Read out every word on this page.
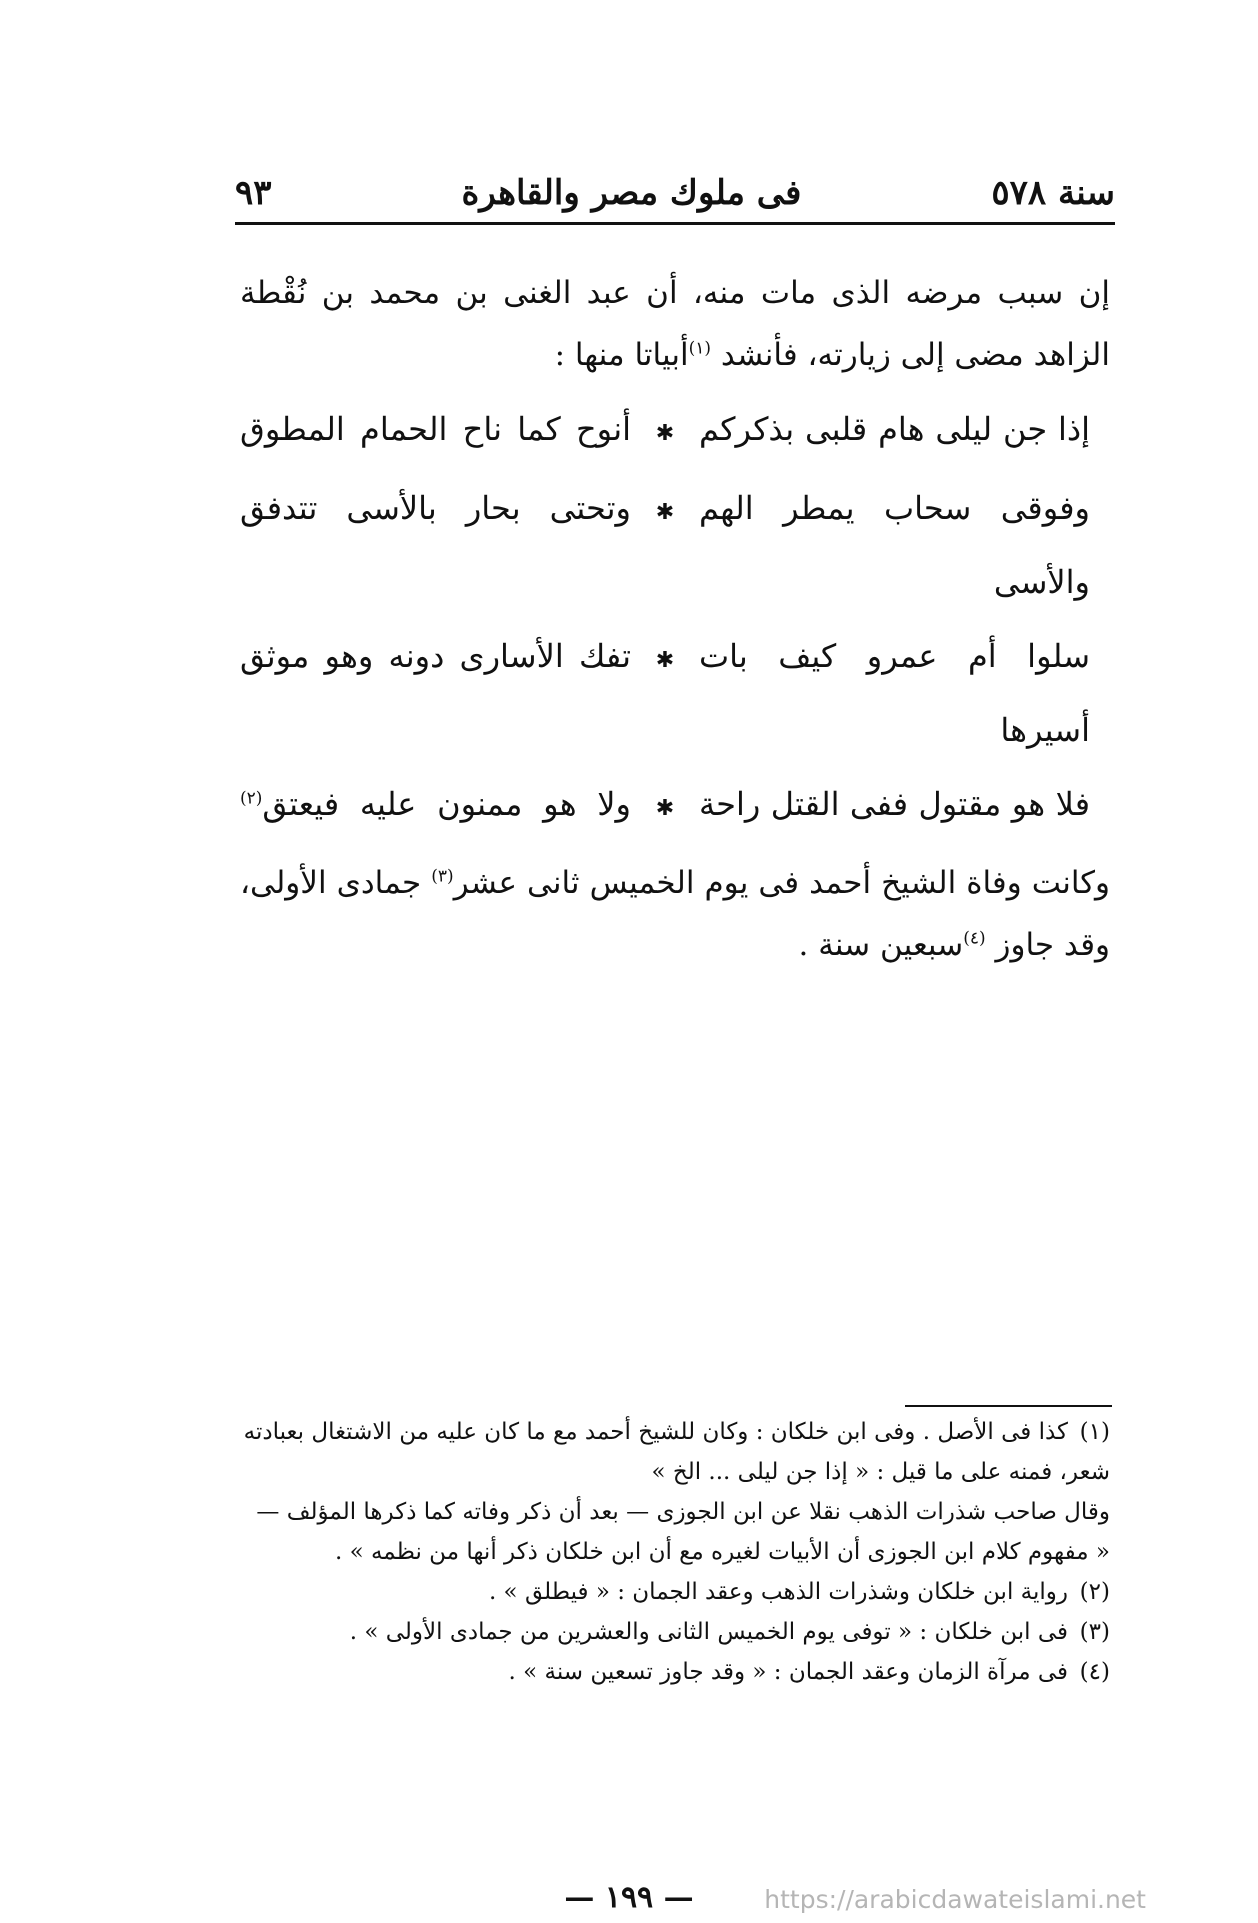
سنة ٥٧٨
فى ملوك مصر والقاهرة
٩٣

إن سبب مرضه الذى مات منه، أن عبد الغنى بن محمد بن نُقْطة الزاهد مضى إلى زيارته، فأنشد $^{(١)}$أبياتا منها :

إذا جن ليلى هام قلبى بذكركم
✱
أنوح كما ناح الحمام المطوق
وفوقى سحاب يمطر الهم والأسى
✱
وتحتى بحار بالأسى تتدفق
سلوا أم عمرو كيف بات أسيرها
✱
تفك الأسارى دونه وهو موثق
فلا هو مقتول ففى القتل راحة
✱
ولا هو ممنون عليه فيعتق$^{(٢)}$

وكانت وفاة الشيخ أحمد فى يوم الخميس ثانى عشر$^{(٣)}$ جمادى الأولى، وقد جاوز $^{(٤)}$سبعين سنة .

(١)كذا فى الأصل . وفى ابن خلكان : وكان للشيخ أحمد مع ما كان عليه من الاشتغال بعبادته

شعر، فمنه على ما قيل : « إذا جن ليلى ... الخ »

وقال صاحب شذرات الذهب نقلا عن ابن الجوزى — بعد أن ذكر وفاته كما ذكرها المؤلف —

« مفهوم كلام ابن الجوزى أن الأبيات لغيره مع أن ابن خلكان ذكر أنها من نظمه » .

(٢)رواية ابن خلكان وشذرات الذهب وعقد الجمان : « فيطلق » .

(٣)فى ابن خلكان : « توفى يوم الخميس الثانى والعشرين من جمادى الأولى » .

(٤)فى مرآة الزمان وعقد الجمان : « وقد جاوز تسعين سنة » .

— ١٩٩ —	https://arabicdawateislami.net
